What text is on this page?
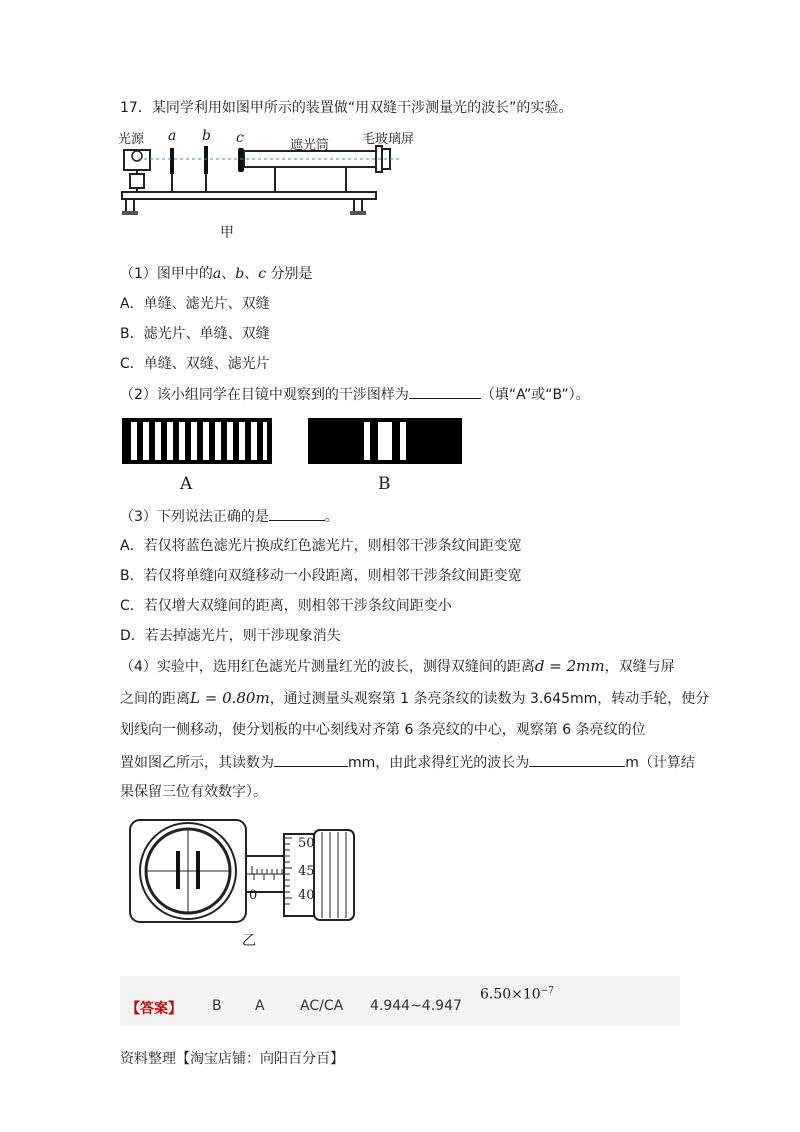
17．某同学利用如图甲所示的装置做“用双缝干涉测量光的波长”的实验。
光源 a b c	遮光筒	毛玻璃屏
甲
（1）图甲中的a、b、c 分别是
A．单缝、滤光片、双缝
B．滤光片、单缝、双缝
C．单缝、双缝、滤光片
（2）该小组同学在目镜中观察到的干涉图样为	（填“A”或“B”）。
A	B
（3）下列说法正确的是	。
A．若仅将蓝色滤光片换成红色滤光片，则相邻干涉条纹间距变宽
B．若仅将单缝向双缝移动一小段距离，则相邻干涉条纹间距变宽
C．若仅增大双缝间的距离，则相邻干涉条纹间距变小
D．若去掉滤光片，则干涉现象消失
（4）实验中，选用红色滤光片测量红光的波长，测得双缝间的距离d = 2mm，双缝与屏
之间的距离L = 0.80m，通过测量头观察第 1 条亮条纹的读数为 3.645mm，转动手轮，使分
划线向一侧移动，使分划板的中心刻线对齐第 6 条亮纹的中心，观察第 6 条亮纹的位
置如图乙所示，其读数为	mm，由此求得红光的波长为	m（计算结
果保留三位有效数字）。
50
45
40
0
乙
【答案】 B A	AC/CA 4.944~4.947
$6.50\times 10^{-7}$
资料整理【淘宝店铺：向阳百分百】
